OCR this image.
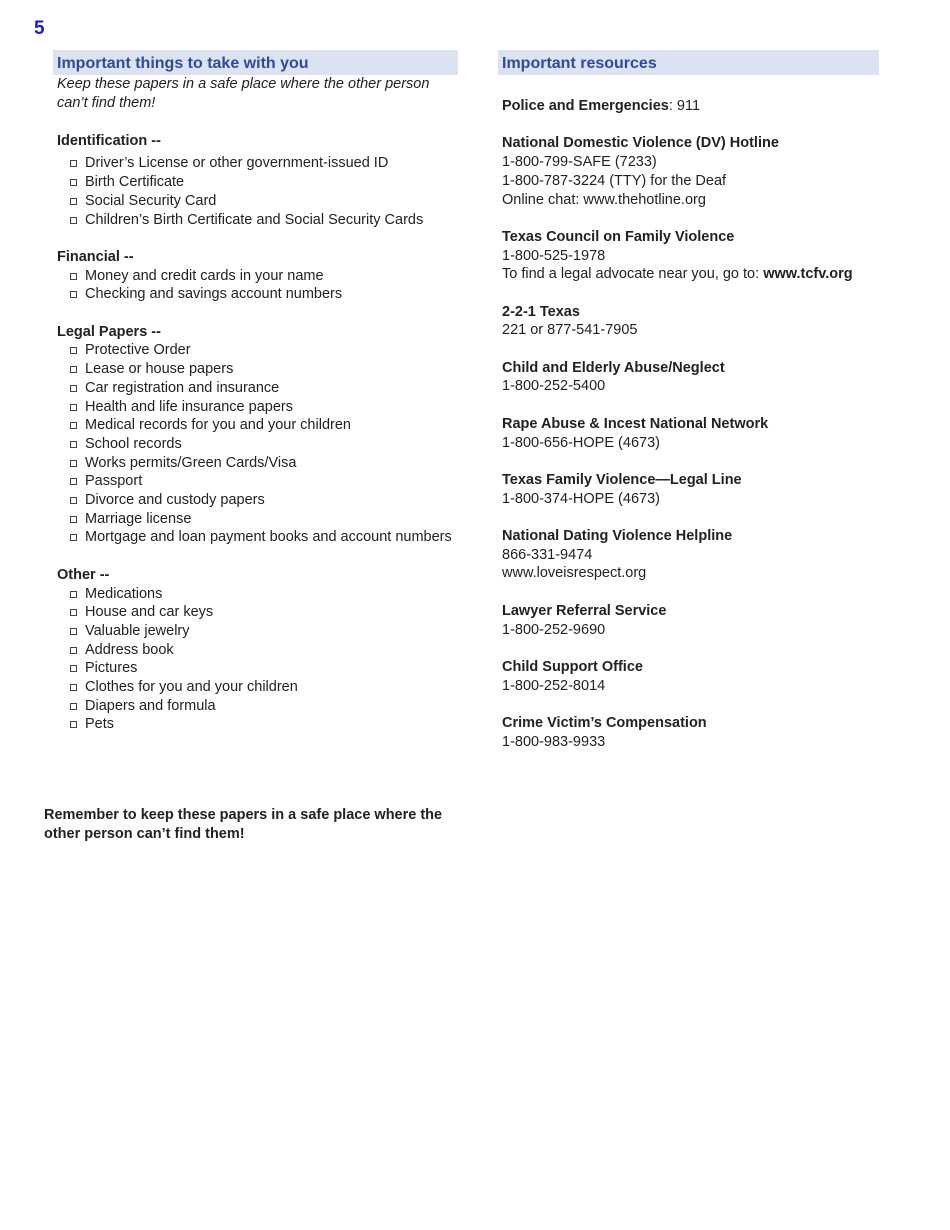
5
Important things to take with you

Keep these papers in a safe place where the other person can’t find them!

Identification --

Driver’s License or other government-issued ID
Birth Certificate
Social Security Card
Children’s Birth Certificate and Social Security Cards

Financial --

Money and credit cards in your name
Checking and savings account numbers

Legal Papers --

Protective Order
Lease or house papers
Car registration and insurance
Health and life insurance papers
Medical records for you and your children
School records
Works permits/Green Cards/Visa
Passport
Divorce and custody papers
Marriage license
Mortgage and loan payment books and account numbers

Other --

Medications
House and car keys
Valuable jewelry
Address book
Pictures
Clothes for you and your children
Diapers and formula
Pets
Important resources

Police and Emergencies: 911

National Domestic Violence (DV) Hotline

1-800-799-SAFE (7233)

1-800-787-3224 (TTY) for the Deaf

Online chat: www.thehotline.org

Texas Council on Family Violence

1-800-525-1978

To find a legal advocate near you, go to: www.tcfv.org

2-2-1 Texas

221 or 877-541-7905

Child and Elderly Abuse/Neglect

1-800-252-5400

Rape Abuse & Incest National Network

1-800-656-HOPE (4673)

Texas Family Violence—Legal Line

1-800-374-HOPE (4673)

National Dating Violence Helpline

866-331-9474

www.loveisrespect.org

Lawyer Referral Service

1-800-252-9690

Child Support Office

1-800-252-8014

Crime Victim’s Compensation

1-800-983-9933

Remember to keep these papers in a safe place where the other person can’t find them!
